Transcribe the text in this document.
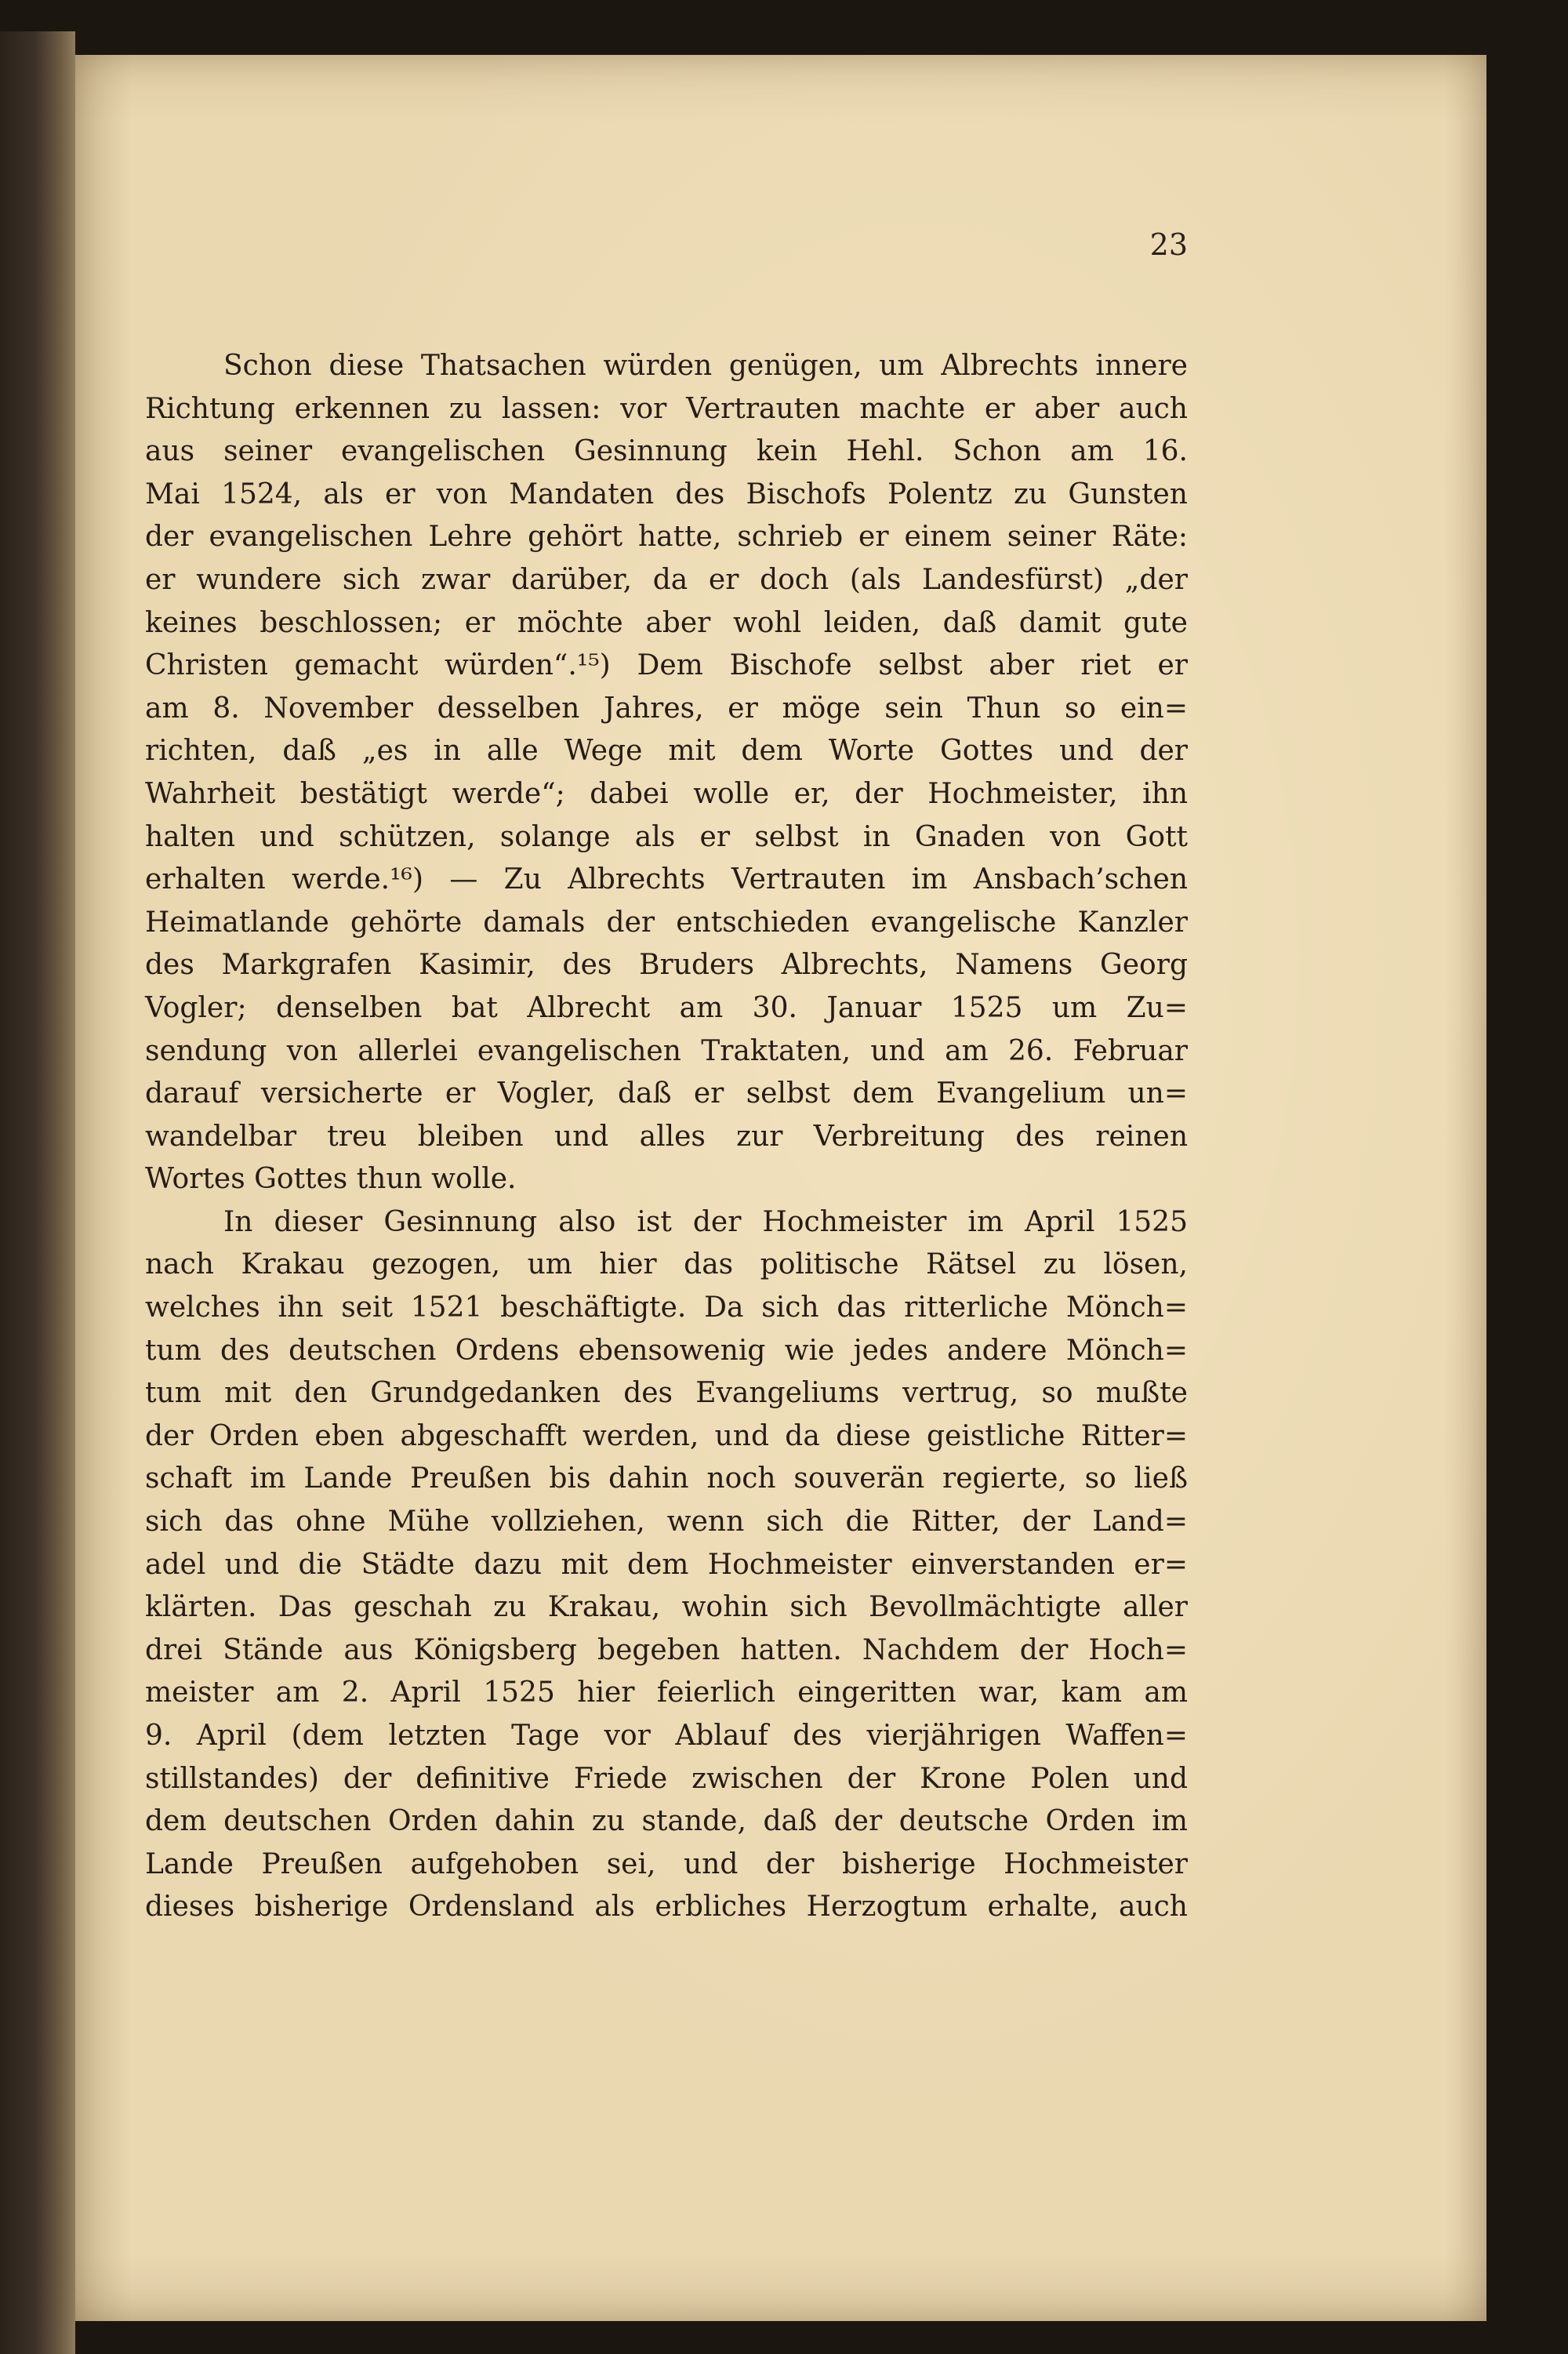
23
Schon diese Thatsachen würden genügen, um Albrechts innere
Richtung erkennen zu lassen: vor Vertrauten machte er aber auch
aus seiner evangelischen Gesinnung kein Hehl. Schon am 16.
Mai 1524, als er von Mandaten des Bischofs Polentz zu Gunsten
der evangelischen Lehre gehört hatte, schrieb er einem seiner Räte:
er wundere sich zwar darüber, da er doch (als Landesfürst) „der
keines beschlossen; er möchte aber wohl leiden, daß damit gute
Christen gemacht würden“.¹⁵) Dem Bischofe selbst aber riet er
am 8. November desselben Jahres, er möge sein Thun so ein=
richten, daß „es in alle Wege mit dem Worte Gottes und der
Wahrheit bestätigt werde“; dabei wolle er, der Hochmeister, ihn
halten und schützen, solange als er selbst in Gnaden von Gott
erhalten werde.¹⁶) — Zu Albrechts Vertrauten im Ansbach’schen
Heimatlande gehörte damals der entschieden evangelische Kanzler
des Markgrafen Kasimir, des Bruders Albrechts, Namens Georg
Vogler; denselben bat Albrecht am 30. Januar 1525 um Zu=
sendung von allerlei evangelischen Traktaten, und am 26. Februar
darauf versicherte er Vogler, daß er selbst dem Evangelium un=
wandelbar treu bleiben und alles zur Verbreitung des reinen
Wortes Gottes thun wolle.
In dieser Gesinnung also ist der Hochmeister im April 1525
nach Krakau gezogen, um hier das politische Rätsel zu lösen,
welches ihn seit 1521 beschäftigte. Da sich das ritterliche Mönch=
tum des deutschen Ordens ebensowenig wie jedes andere Mönch=
tum mit den Grundgedanken des Evangeliums vertrug, so mußte
der Orden eben abgeschafft werden, und da diese geistliche Ritter=
schaft im Lande Preußen bis dahin noch souverän regierte, so ließ
sich das ohne Mühe vollziehen, wenn sich die Ritter, der Land=
adel und die Städte dazu mit dem Hochmeister einverstanden er=
klärten. Das geschah zu Krakau, wohin sich Bevollmächtigte aller
drei Stände aus Königsberg begeben hatten. Nachdem der Hoch=
meister am 2. April 1525 hier feierlich eingeritten war, kam am
9. April (dem letzten Tage vor Ablauf des vierjährigen Waffen=
stillstandes) der definitive Friede zwischen der Krone Polen und
dem deutschen Orden dahin zu stande, daß der deutsche Orden im
Lande Preußen aufgehoben sei, und der bisherige Hochmeister
dieses bisherige Ordensland als erbliches Herzogtum erhalte, auch
